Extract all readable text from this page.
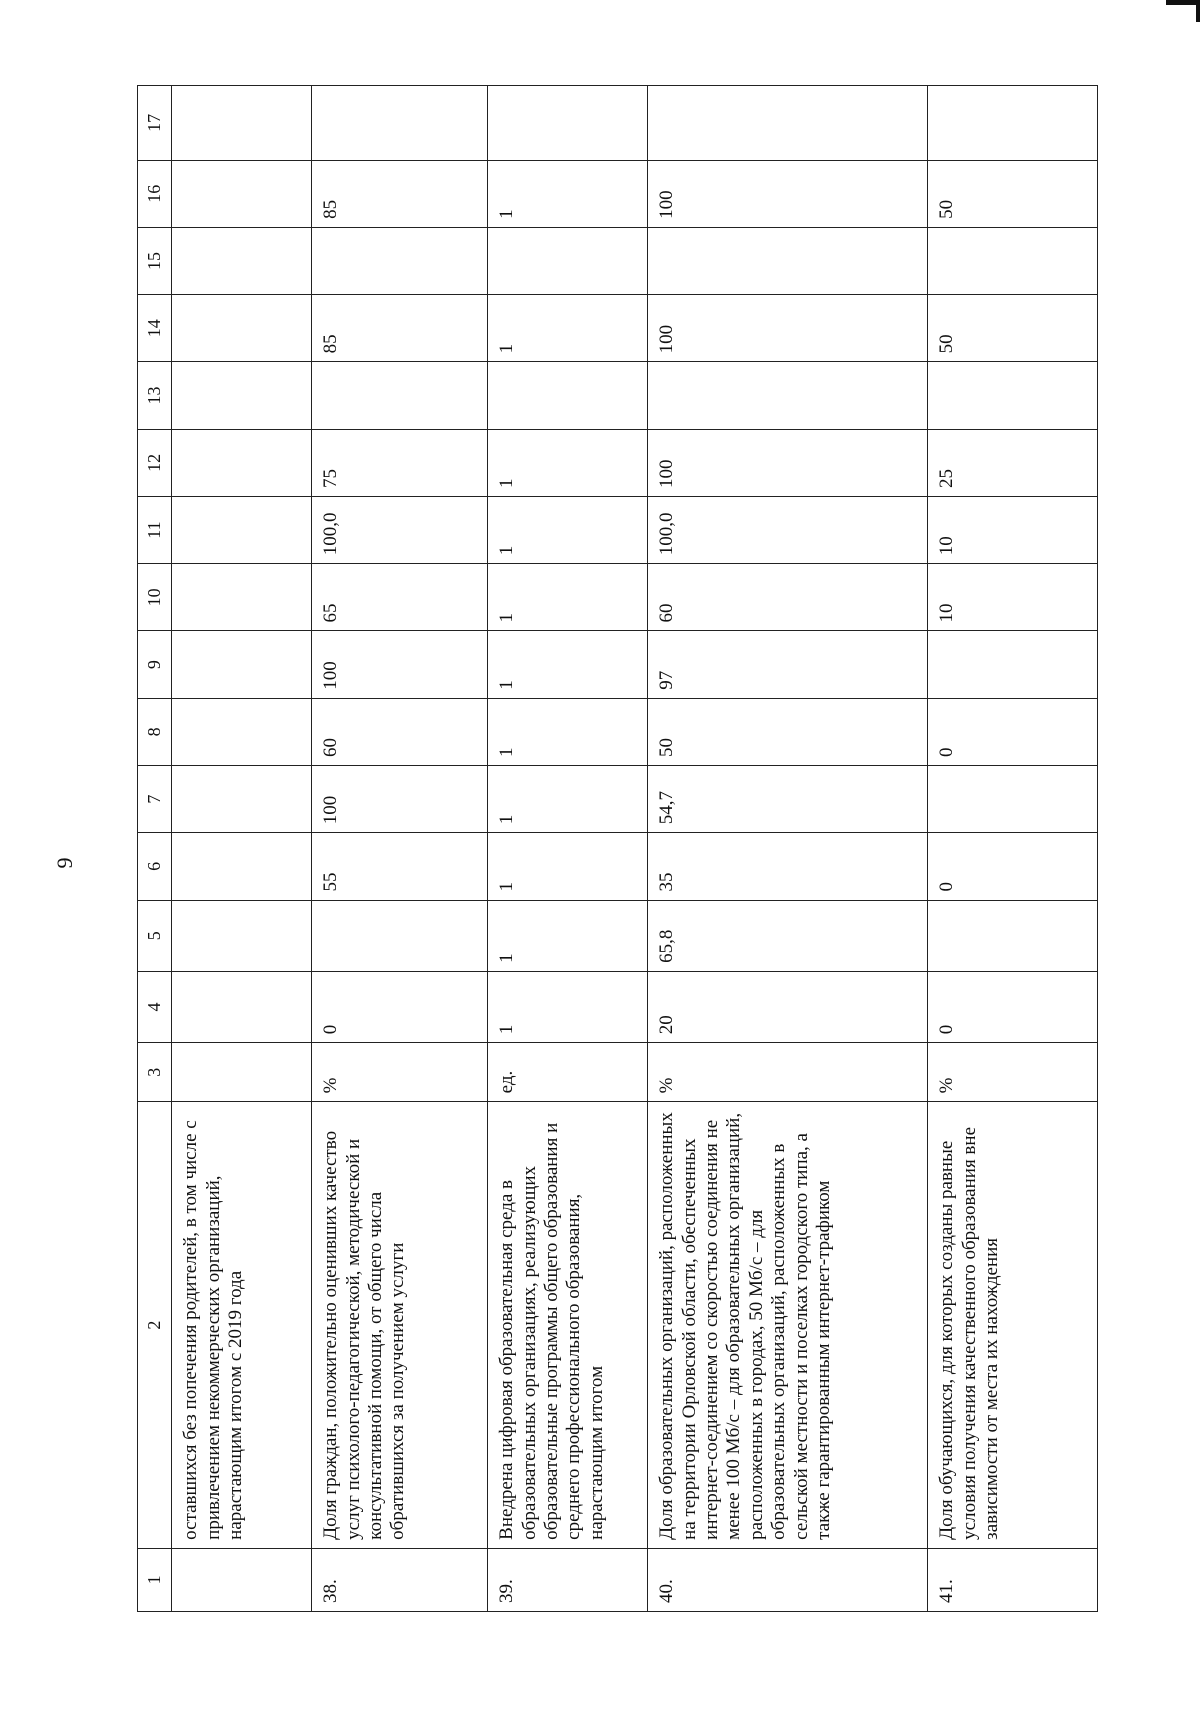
9
1	2	3	4	5	6	7	8	9	10	11	12	13	14	15	16	17
	оставшихся без попечения родителей, в том числе с привлечением некоммерческих организаций, нарастающим итогом с 2019 года															
38.	Доля граждан, положительно оценивших качество услуг психолого-педагогической, методической и консультативной помощи, от общего числа обратившихся за получением услуги	%	0		55	100	60	100	65	100,0	75		85		85	
39.	Внедрена цифровая образовательная среда в образовательных организациях, реализующих образовательные программы общего образования и среднего профессионального образования, нарастающим итогом	ед.	1	1	1	1	1	1	1	1	1		1		1	
40.	Доля образовательных организаций, расположенных на территории Орловской области, обеспеченных интернет-соединением со скоростью соединения не менее 100 Мб/с – для образовательных организаций, расположенных в городах, 50 Мб/с – для образовательных организаций, расположенных в сельской местности и поселках городского типа, а также гарантированным интернет-трафиком	%	20	65,8	35	54,7	50	97	60	100,0	100		100		100	
41.	Доля обучающихся, для которых созданы равные условия получения качественного образования вне зависимости от места их нахождения	%	0		0		0		10	10	25		50		50	
